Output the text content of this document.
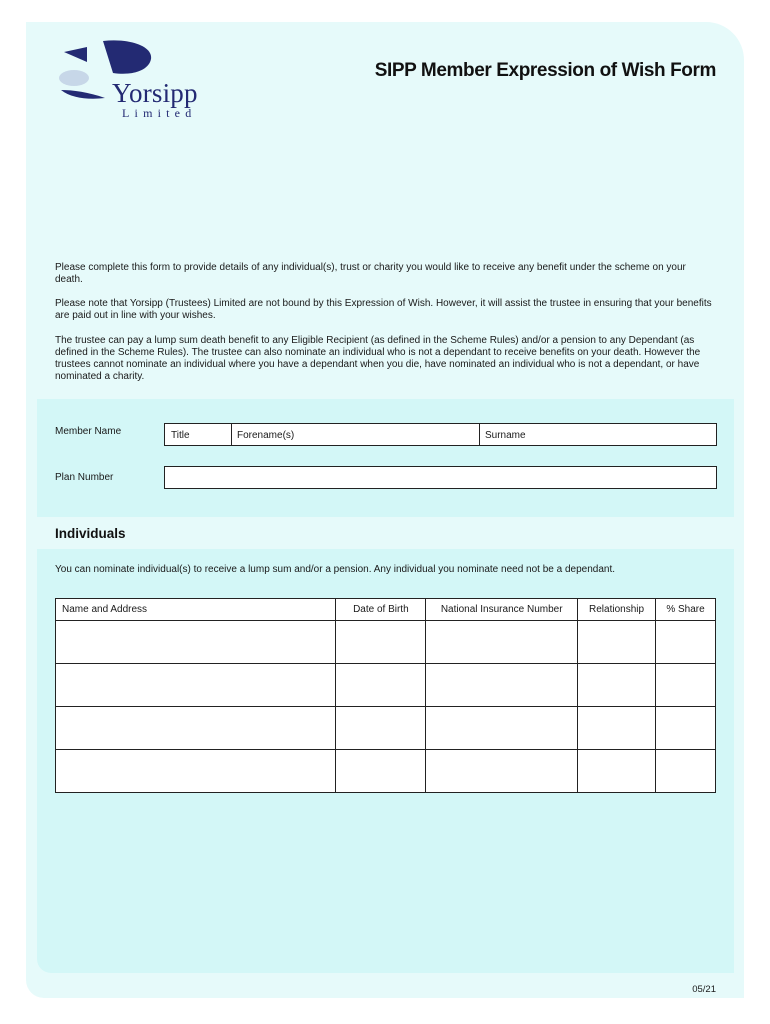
Yorsipp
Limited
SIPP Member Expression of Wish Form

Please complete this form to provide details of any individual(s), trust or charity you would like to receive any benefit under the scheme on your death.

Please note that Yorsipp (Trustees) Limited are not bound by this Expression of Wish. However, it will assist the trustee in ensuring that your benefits are paid out in line with your wishes.

The trustee can pay a lump sum death benefit to any Eligible Recipient (as defined in the Scheme Rules) and/or a pension to any Dependant (as defined in the Scheme Rules). The trustee can also nominate an individual who is not a dependant to receive benefits on your death. However the trustees cannot nominate an individual where you have a dependant when you die, have nominated an individual who is not a dependant, or have nominated a charity.

Member Name	Title	Forename(s)	Surname
Plan Number
Individuals
You can nominate individual(s) to receive a lump sum and/or a pension. Any individual you nominate need not be a dependant.
Name and Address	Date of Birth	National Insurance Number	Relationship	% Share

05/21
